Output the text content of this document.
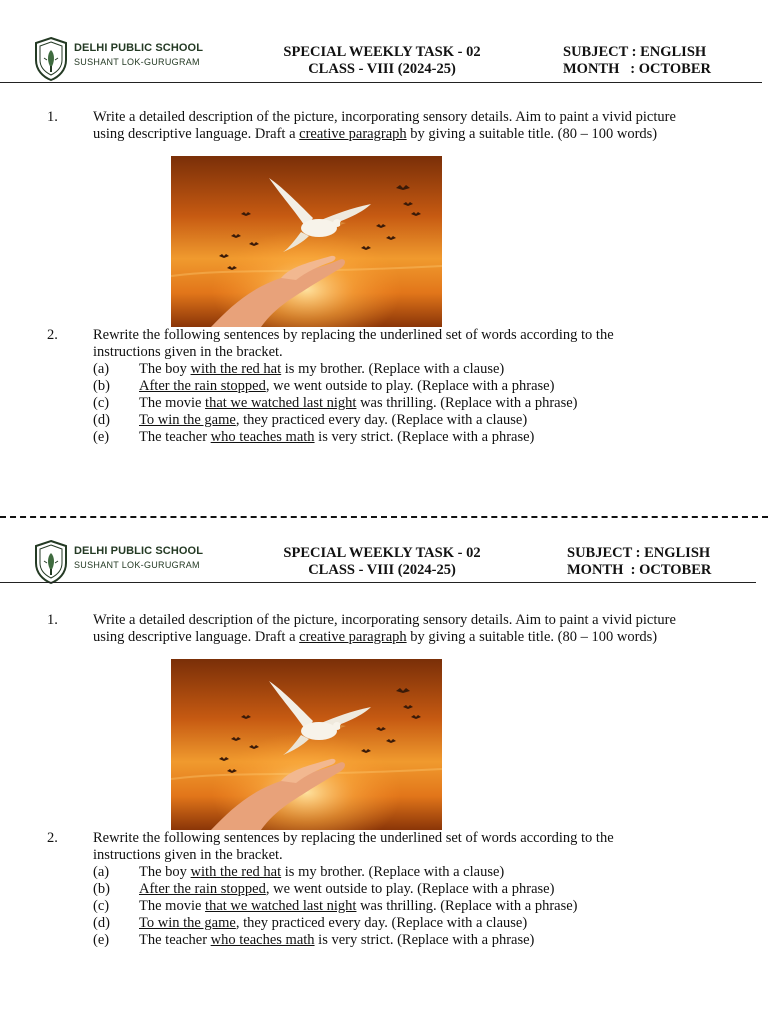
DELHI PUBLIC SCHOOL
SUSHANT LOK-GURUGRAM
SPECIAL WEEKLY TASK - 02
CLASS - VIII (2024-25)
SUBJECT : ENGLISH
MONTH   : OCTOBER
1. Write a detailed description of the picture, incorporating sensory details. Aim to paint a vivid picture
using descriptive language. Draft a creative paragraph by giving a suitable title. (80 – 100 words)
2. Rewrite the following sentences by replacing the underlined set of words according to the
instructions given in the bracket.
(a) The boy with the red hat is my brother. (Replace with a clause)
(b) After the rain stopped, we went outside to play. (Replace with a phrase)
(c) The movie that we watched last night was thrilling. (Replace with a phrase)
(d) To win the game, they practiced every day. (Replace with a clause)
(e) The teacher who teaches math is very strict. (Replace with a phrase)
DELHI PUBLIC SCHOOL
SUSHANT LOK-GURUGRAM
SPECIAL WEEKLY TASK - 02
CLASS - VIII (2024-25)
SUBJECT : ENGLISH
MONTH  : OCTOBER
1. Write a detailed description of the picture, incorporating sensory details. Aim to paint a vivid picture
using descriptive language. Draft a creative paragraph by giving a suitable title. (80 – 100 words)
2. Rewrite the following sentences by replacing the underlined set of words according to the
instructions given in the bracket.
(a) The boy with the red hat is my brother. (Replace with a clause)
(b) After the rain stopped, we went outside to play. (Replace with a phrase)
(c) The movie that we watched last night was thrilling. (Replace with a phrase)
(d) To win the game, they practiced every day. (Replace with a clause)
(e) The teacher who teaches math is very strict. (Replace with a phrase)
